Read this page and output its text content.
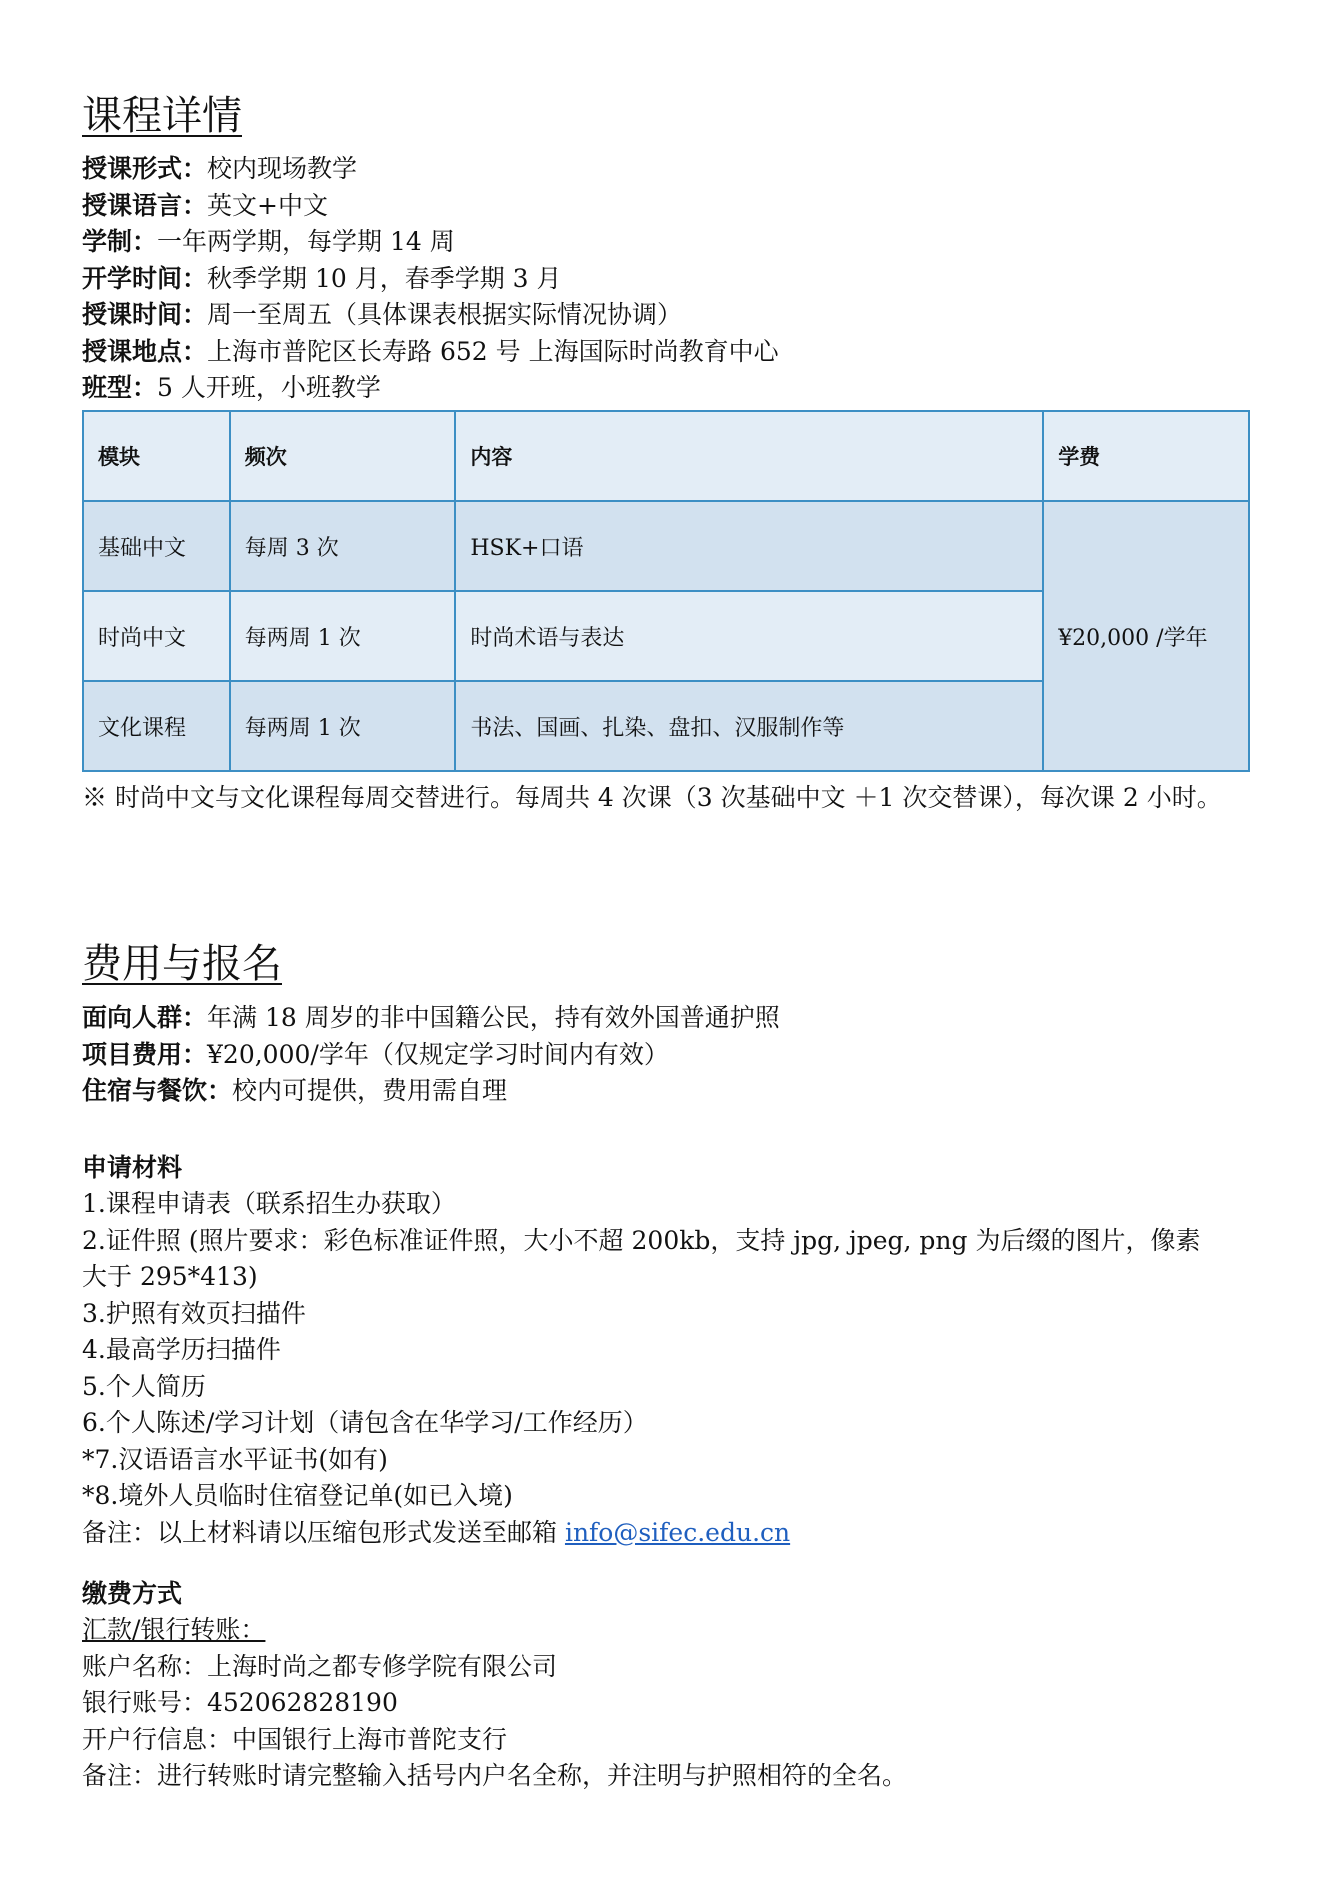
课程详情
授课形式：校内现场教学
授课语言：英文+中文
学制：一年两学期，每学期 14 周
开学时间：秋季学期 10 月，春季学期 3 月
授课时间：周一至周五（具体课表根据实际情况协调）
授课地点：上海市普陀区长寿路 652 号 上海国际时尚教育中心
班型：5 人开班，小班教学
模块	频次	内容	学费
基础中文	每周 3 次	HSK+口语	¥20,000 /学年
时尚中文	每两周 1 次	时尚术语与表达	
文化课程	每两周 1 次	书法、国画、扎染、盘扣、汉服制作等	
※ 时尚中文与文化课程每周交替进行。每周共 4 次课（3 次基础中文 ＋1 次交替课），每次课 2 小时。
费用与报名
面向人群：年满 18 周岁的非中国籍公民，持有效外国普通护照
项目费用：¥20,000/学年（仅规定学习时间内有效）
住宿与餐饮：校内可提供，费用需自理
申请材料
1.课程申请表（联系招生办获取）
2.证件照 (照片要求：彩色标准证件照，大小不超 200kb，支持 jpg, jpeg, png 为后缀的图片，像素
大于 295*413)
3.护照有效页扫描件
4.最高学历扫描件
5.个人简历
6.个人陈述/学习计划（请包含在华学习/工作经历）
*7.汉语语言水平证书(如有)
*8.境外人员临时住宿登记单(如已入境)
备注：以上材料请以压缩包形式发送至邮箱 info@sifec.edu.cn
缴费方式
汇款/银行转账：
账户名称：上海时尚之都专修学院有限公司
银行账号：452062828190
开户行信息：中国银行上海市普陀支行
备注：进行转账时请完整输入括号内户名全称，并注明与护照相符的全名。
